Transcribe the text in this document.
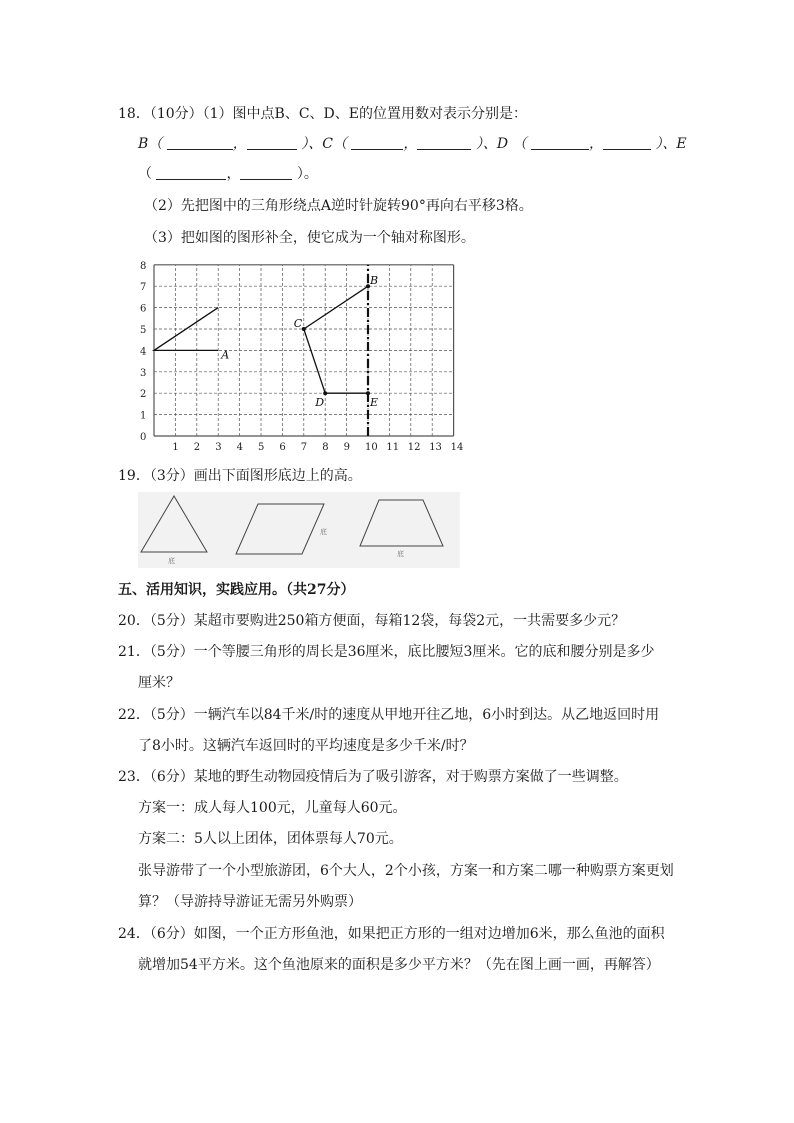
18．（10分）（1）图中点B、C、D、E的位置用数对表示分别是：
B（	，	）、C（	，	）、D （	，	）、E
（	，	）。
（2）先把图中的三角形绕点A逆时针旋转90°再向右平移3格。
（3）把如图的图形补全，使它成为一个轴对称图形。
1 2 3 4 5 6 7 8 9 10 11 12 13 14
0
1
2
3
4
5
6
7
8
A
B
C
D	E
19．（3分）画出下面图形底边上的高。
底
底
底
五、活用知识，实践应用。（共27分）
20．（5分）某超市要购进250箱方便面，每箱12袋，每袋2元，一共需要多少元？
21．（5分）一个等腰三角形的周长是36厘米，底比腰短3厘米。它的底和腰分别是多少
厘米？
22．（5分）一辆汽车以84千米/时的速度从甲地开往乙地，6小时到达。从乙地返回时用
了8小时。这辆汽车返回时的平均速度是多少千米/时？
23．（6分）某地的野生动物园疫情后为了吸引游客，对于购票方案做了一些调整。
方案一：成人每人100元，儿童每人60元。
方案二：5人以上团体，团体票每人70元。
张导游带了一个小型旅游团，6个大人，2个小孩，方案一和方案二哪一种购票方案更划
算？（导游持导游证无需另外购票）
24．（6分）如图，一个正方形鱼池，如果把正方形的一组对边增加6米，那么鱼池的面积
就增加54平方米。这个鱼池原来的面积是多少平方米？（先在图上画一画，再解答）
